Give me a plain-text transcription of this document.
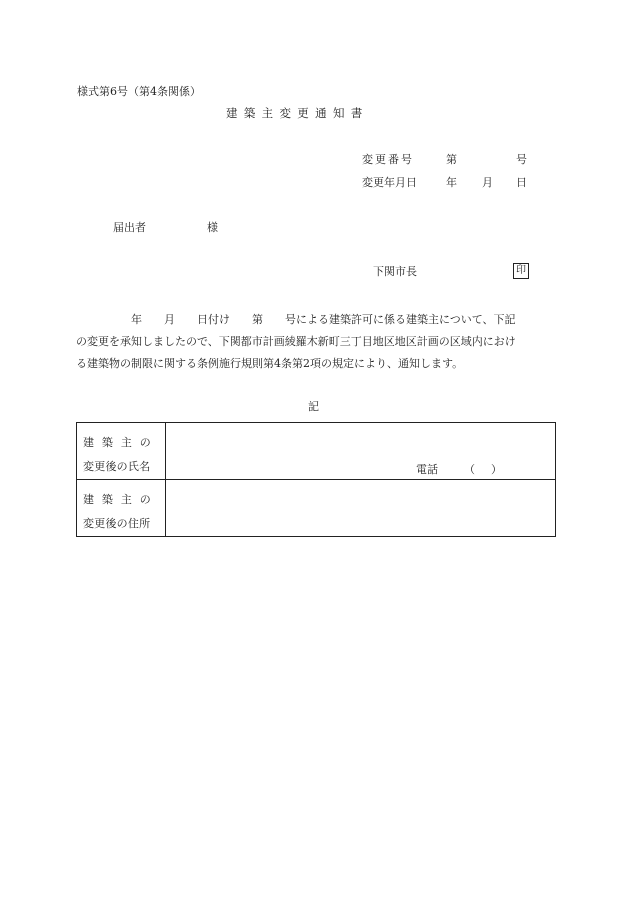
様式第6号（第4条関係）
建築主変更通知書
変更番号	第	号
変更年月日	年 月 日
届出者	様
下関市長	印
　　　　　年　　月　　日付け　　第　　号による建築許可に係る建築主について、下記
の変更を承知しましたので、下関都市計画綾羅木新町三丁目地区地区計画の区域内におけ
る建築物の制限に関する条例施行規則第4条第2項の規定により、通知します。
記
建築主の
変更後の氏名	電話 （ ）

建築主の
変更後の住所	
